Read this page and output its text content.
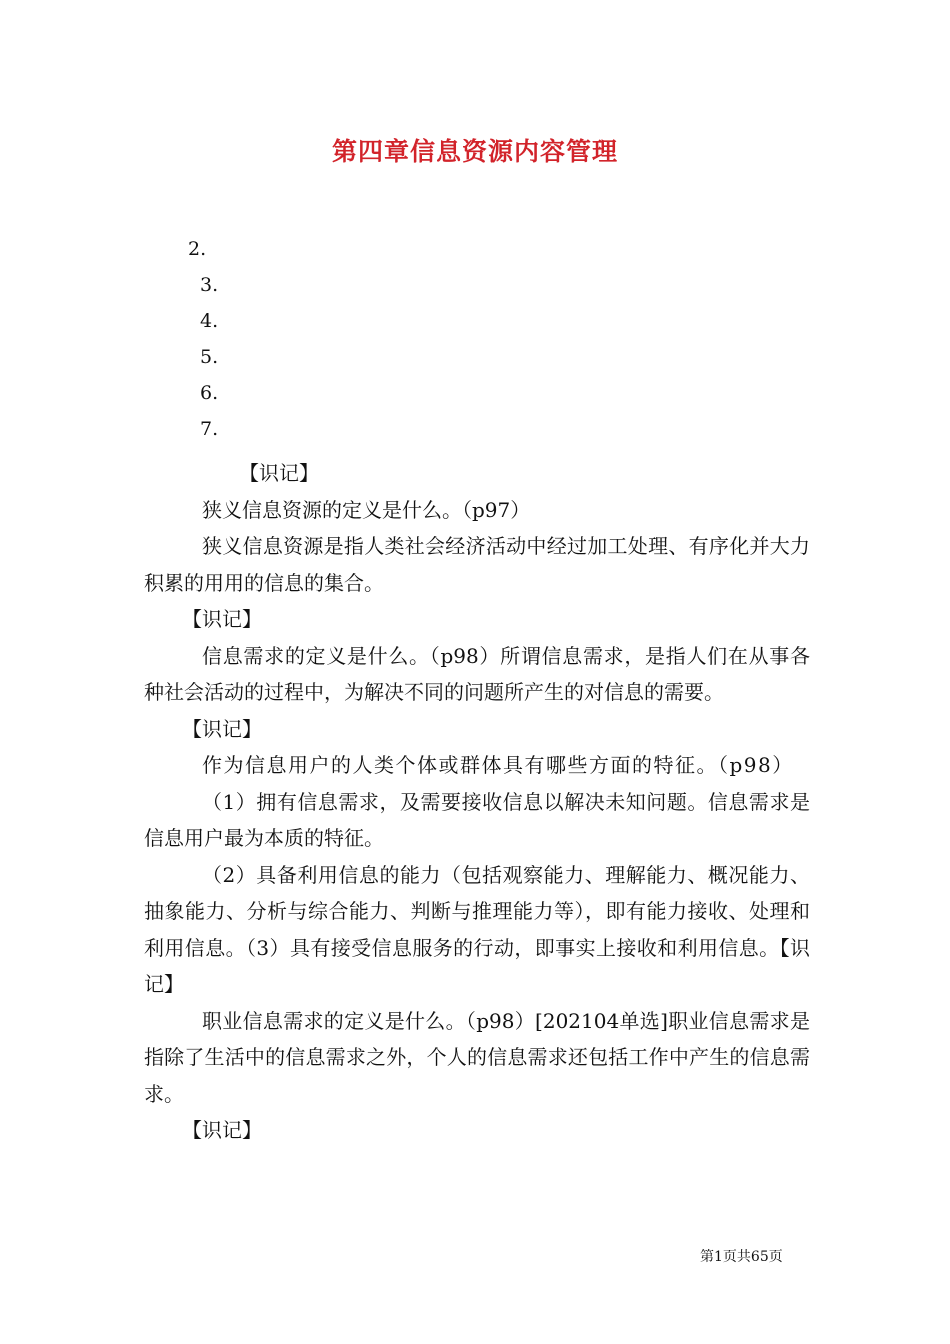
第四章信息资源内容管理
2.
3.
4.
5.
6.
7.

【识记】

狭义信息资源的定义是什么。（p97）

狭义信息资源是指人类社会经济活动中经过加工处理、有序化并大力积累的用用的信息的集合。

【识记】

信息需求的定义是什么。（p98）所谓信息需求，是指人们在从事各种社会活动的过程中，为解决不同的问题所产生的对信息的需要。

【识记】

作为信息用户的人类个体或群体具有哪些方面的特征。（p98）

（1）拥有信息需求，及需要接收信息以解决未知问题。信息需求是信息用户最为本质的特征。

（2）具备利用信息的能力（包括观察能力、理解能力、概况能力、抽象能力、分析与综合能力、判断与推理能力等），即有能力接收、处理和利用信息。（3）具有接受信息服务的行动，即事实上接收和利用信息。【识记】

职业信息需求的定义是什么。（p98）[202104单选]职业信息需求是指除了生活中的信息需求之外，个人的信息需求还包括工作中产生的信息需求。

【识记】

第1页共65页
